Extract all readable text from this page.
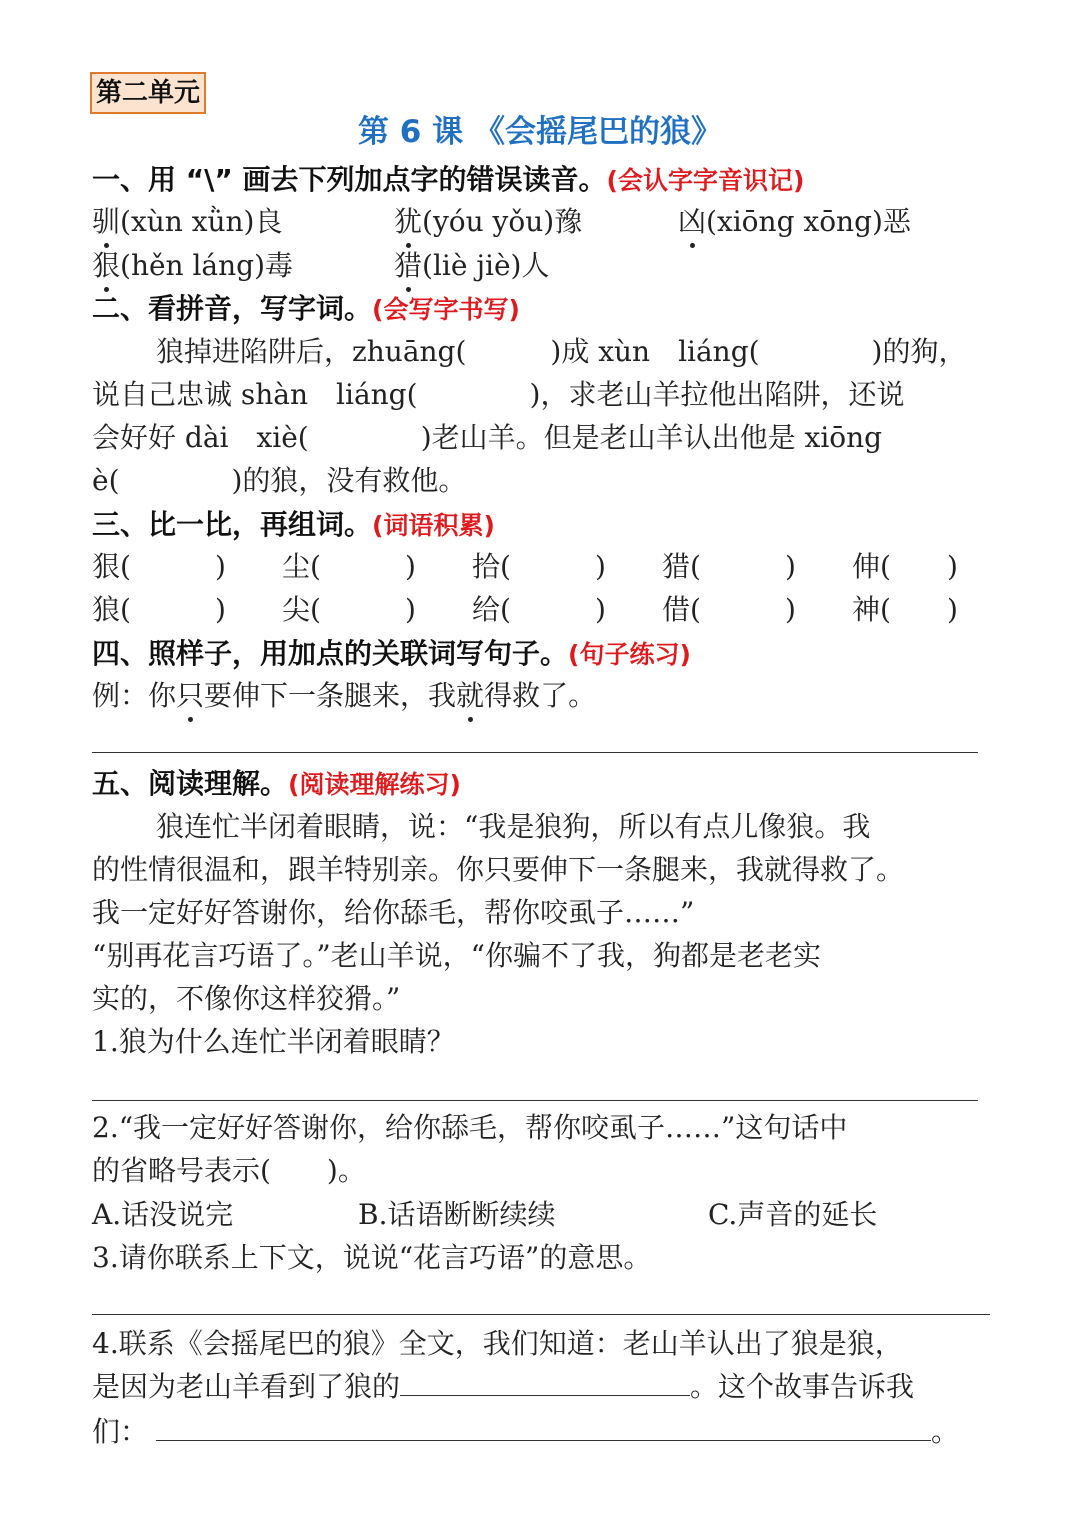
第二单元
第 6 课 《会摇尾巴的狼》
一、用 “\” 画去下列加点字的错误读音。(会认字字音识记)
驯(xùn xǜn)良	犹(yóu yǒu)豫	凶(xiōng xōng)恶
狠(hěn láng)毒	猎(liè jiè)人
二、看拼音，写字词。(会写字书写)
狼掉进陷阱后，zhuāng(　　　)成 xùn　liáng(　　　　)的狗，
说自己忠诚 shàn　liáng(　　　　)，求老山羊拉他出陷阱，还说
会好好 dài　xiè(　　　　)老山羊。但是老山羊认出他是 xiōng
è(　　　　)的狼，没有救他。
三、比一比，再组词。(词语积累)
狠(　　　) 尘(　　　) 拾(　　　) 猎(　　　) 伸(　　)
狼(　　　) 尖(　　　) 给(　　　) 借(　　　) 神(　　)
四、照样子，用加点的关联词写句子。(句子练习)
例：你只要伸下一条腿来，我就得救了。
五、阅读理解。(阅读理解练习)
狼连忙半闭着眼睛，说：“我是狼狗，所以有点儿像狼。我
的性情很温和，跟羊特别亲。你只要伸下一条腿来，我就得救了。
我一定好好答谢你，给你舔毛，帮你咬虱子……”
“别再花言巧语了。”老山羊说，“你骗不了我，狗都是老老实
实的，不像你这样狡猾。”
1.狼为什么连忙半闭着眼睛？
2.“我一定好好答谢你，给你舔毛，帮你咬虱子……”这句话中
的省略号表示(　　)。
A.话没说完	B.话语断断续续	C.声音的延长
3.请你联系上下文，说说“花言巧语”的意思。
4.联系《会摇尾巴的狼》全文，我们知道：老山羊认出了狼是狼，
是因为老山羊看到了狼的	。这个故事告诉我
们：	。
